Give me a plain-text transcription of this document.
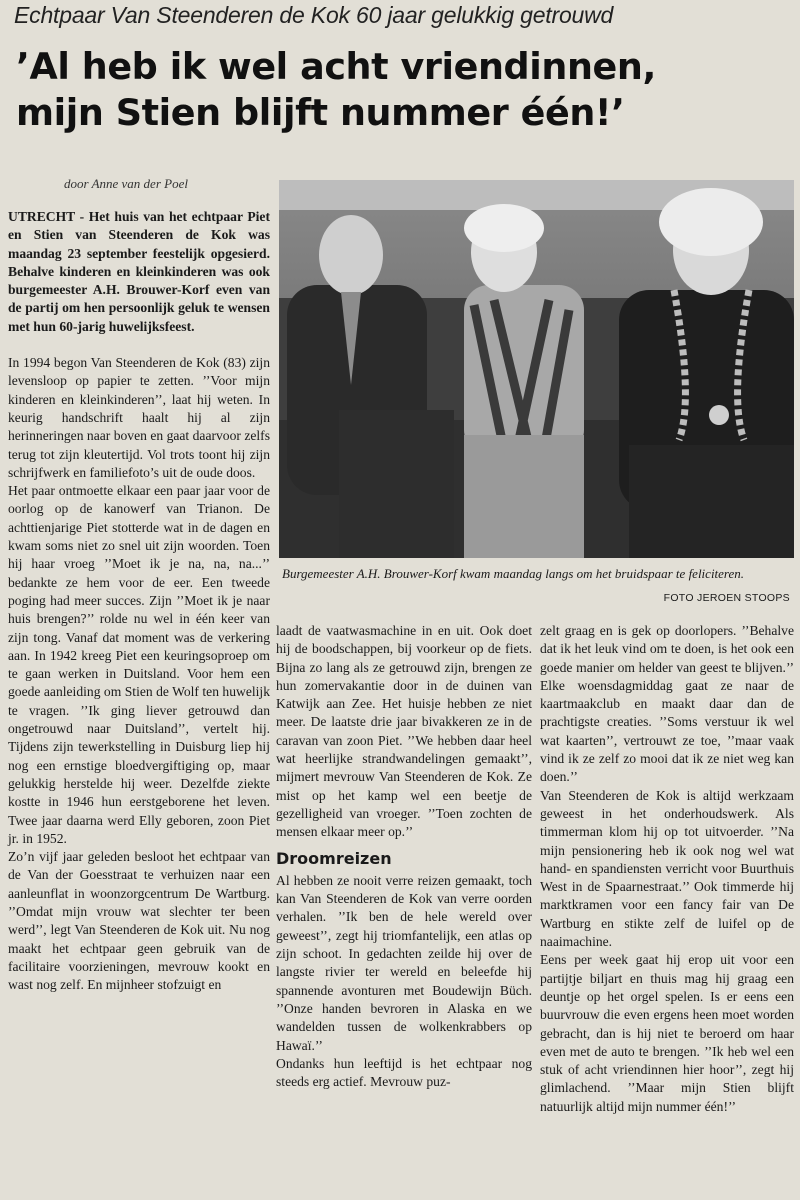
Echtpaar Van Steenderen de Kok 60 jaar gelukkig getrouwd
’Al heb ik wel acht vriendinnen,
mijn Stien blijft nummer één!’
door Anne van der Poel

UTRECHT - Het huis van het echtpaar Piet en Stien van Steenderen de Kok was maandag 23 september feestelijk opgesierd. Behalve kinderen en kleinkinderen was ook burgemeester A.H. Brouwer-Korf even van de partij om hen persoonlijk geluk te wensen met hun 60-jarig huwelijksfeest.

In 1994 begon Van Steenderen de Kok (83) zijn levensloop op papier te zetten. ’’Voor mijn kinderen en kleinkinderen’’, laat hij weten. In keurig handschrift haalt hij al zijn herinneringen naar boven en gaat daarvoor zelfs terug tot zijn kleutertijd. Vol trots toont hij zijn schrijfwerk en familiefoto’s uit de oude doos.

Het paar ontmoette elkaar een paar jaar voor de oorlog op de kanowerf van Trianon. De achttienjarige Piet stotterde wat in de dagen en kwam soms niet zo snel uit zijn woorden. Toen hij haar vroeg ’’Moet ik je na, na, na...’’ bedankte ze hem voor de eer. Een tweede poging had meer succes. Zijn ’’Moet ik je naar huis brengen?’’ rolde nu wel in één keer van zijn tong. Vanaf dat moment was de verkering aan. In 1942 kreeg Piet een keuringsoproep om te gaan werken in Duitsland. Voor hem een goede aanleiding om Stien de Wolf ten huwelijk te vragen. ’’Ik ging liever getrouwd dan ongetrouwd naar Duitsland’’, vertelt hij. Tijdens zijn tewerkstelling in Duisburg liep hij nog een ernstige bloedvergiftiging op, maar gelukkig herstelde hij weer. Dezelfde ziekte kostte in 1946 hun eerstgeborene het leven. Twee jaar daarna werd Elly geboren, zoon Piet jr. in 1952.

Zo’n vijf jaar geleden besloot het echtpaar van de Van der Goesstraat te verhuizen naar een aanleunflat in woonzorgcentrum De Wartburg. ’’Omdat mijn vrouw wat slechter ter been werd’’, legt Van Steenderen de Kok uit. Nu nog maakt het echtpaar geen gebruik van de facilitaire voorzieningen, mevrouw kookt en wast nog zelf. En mijnheer stofzuigt en

Burgemeester A.H. Brouwer-Korf kwam maandag langs om het bruidspaar te feliciteren.
FOTO JEROEN STOOPS

laadt de vaatwasmachine in en uit. Ook doet hij de boodschappen, bij voorkeur op de fiets. Bijna zo lang als ze getrouwd zijn, brengen ze hun zomervakantie door in de duinen van Katwijk aan Zee. Het huisje hebben ze niet meer. De laatste drie jaar bivakkeren ze in de caravan van zoon Piet. ’’We hebben daar heel wat heerlijke strandwandelingen gemaakt’’, mijmert mevrouw Van Steenderen de Kok. Ze mist op het kamp wel een beetje de gezelligheid van vroeger. ’’Toen zochten de mensen elkaar meer op.’’

Droomreizen

Al hebben ze nooit verre reizen gemaakt, toch kan Van Steenderen de Kok van verre oorden verhalen. ’’Ik ben de hele wereld over geweest’’, zegt hij triomfantelijk, een atlas op zijn schoot. In gedachten zeilde hij over de langste rivier ter wereld en beleefde hij spannende avonturen met Boudewijn Büch. ’’Onze handen bevroren in Alaska en we wandelden tussen de wolkenkrabbers op Hawaï.’’

Ondanks hun leeftijd is het echtpaar nog steeds erg actief. Mevrouw puz-

zelt graag en is gek op doorlopers. ’’Behalve dat ik het leuk vind om te doen, is het ook een goede manier om helder van geest te blijven.’’ Elke woensdagmiddag gaat ze naar de kaartmaakclub en maakt daar dan de prachtigste creaties. ’’Soms verstuur ik wel wat kaarten’’, vertrouwt ze toe, ’’maar vaak vind ik ze zelf zo mooi dat ik ze niet weg kan doen.’’

Van Steenderen de Kok is altijd werkzaam geweest in het onderhoudswerk. Als timmerman klom hij op tot uitvoerder. ’’Na mijn pensionering heb ik ook nog wel wat hand- en spandiensten verricht voor Buurthuis West in de Spaarnestraat.’’ Ook timmerde hij marktkramen voor een fancy fair van De Wartburg en stikte zelf de luifel op de naaimachine.

Eens per week gaat hij erop uit voor een partijtje biljart en thuis mag hij graag een deuntje op het orgel spelen. Is er eens een buurvrouw die even ergens heen moet worden gebracht, dan is hij niet te beroerd om haar even met de auto te brengen. ’’Ik heb wel een stuk of acht vriendinnen hier hoor’’, zegt hij glimlachend. ’’Maar mijn Stien blijft natuurlijk altijd mijn nummer één!’’
